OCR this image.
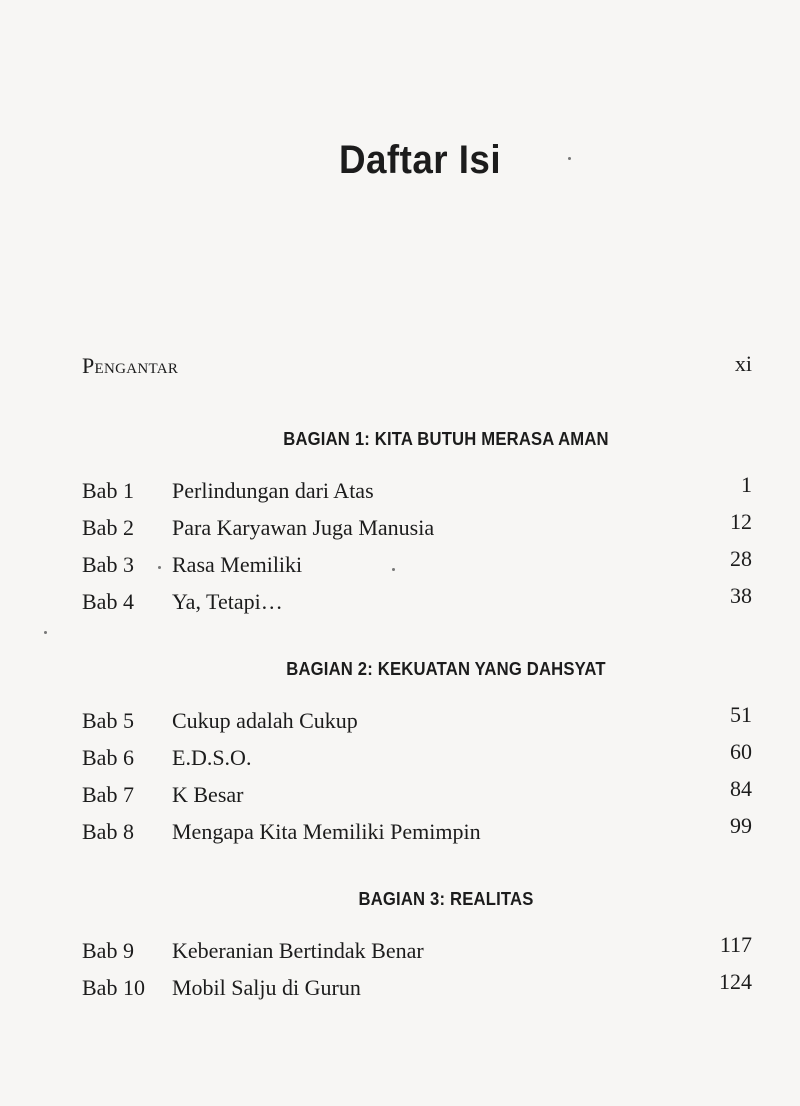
Daftar Isi
Pengantar	xi
BAGIAN 1: KITA BUTUH MERASA AMAN
Bab 1 Perlindungan dari Atas	1
Bab 2 Para Karyawan Juga Manusia	12
Bab 3 Rasa Memiliki	28
Bab 4 Ya, Tetapi…	38
BAGIAN 2: KEKUATAN YANG DAHSYAT
Bab 5 Cukup adalah Cukup	51
Bab 6 E.D.S.O.	60
Bab 7 K Besar	84
Bab 8 Mengapa Kita Memiliki Pemimpin	99
BAGIAN 3: REALITAS
Bab 9 Keberanian Bertindak Benar	117
Bab 10 Mobil Salju di Gurun	124
